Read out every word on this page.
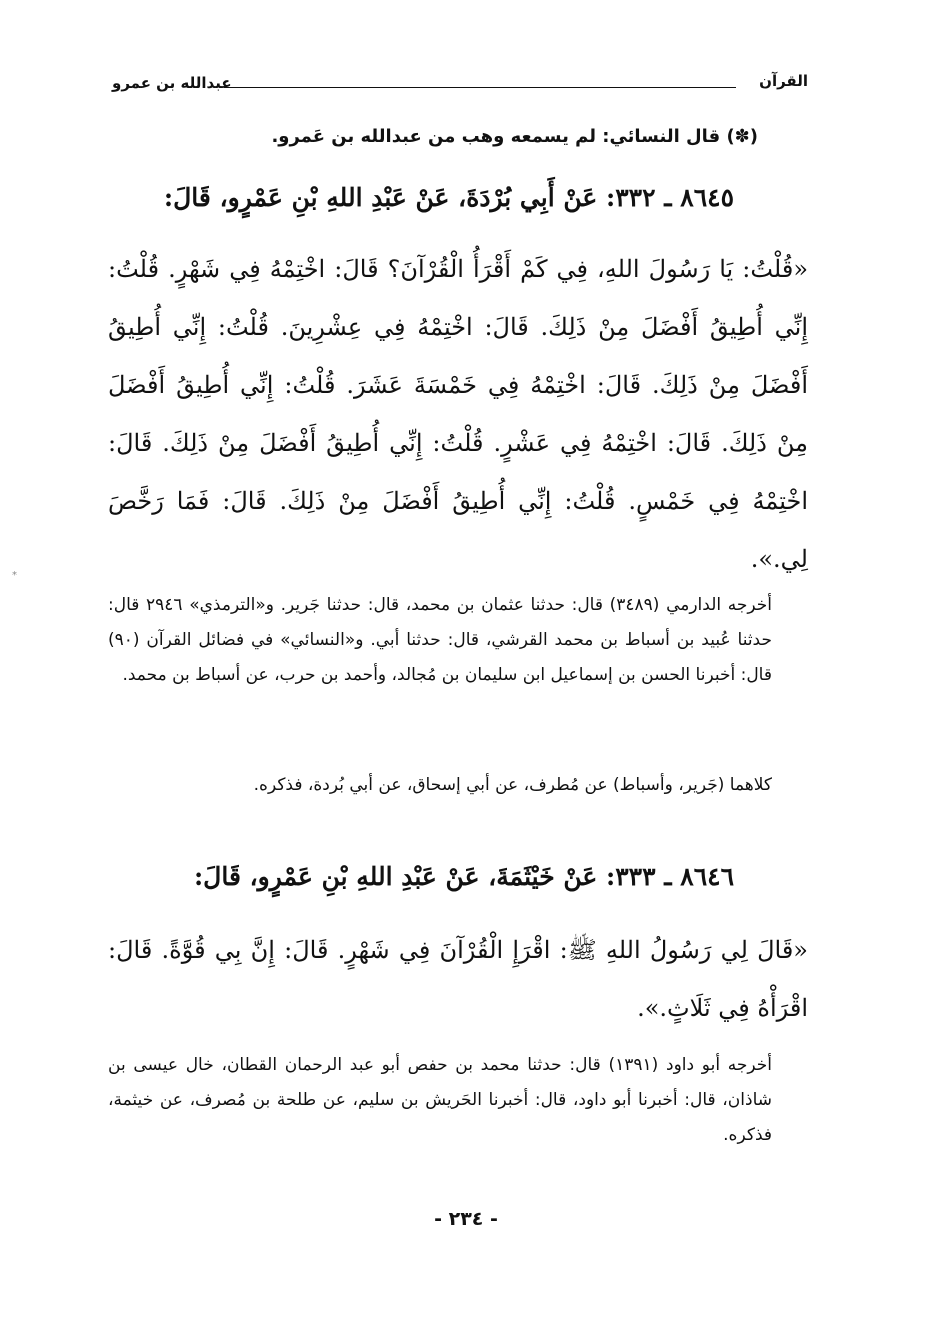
القرآن
عبدالله بن عمرو

(✽) قال النسائي: لم يسمعه وهب من عبدالله بن عَمرو.

٨٦٤٥ ـ ٣٣٢: عَنْ أَبِي بُرْدَةَ، عَنْ عَبْدِ اللهِ بْنِ عَمْرٍو، قَالَ:

«قُلْتُ: يَا رَسُولَ اللهِ، فِي كَمْ أَقْرَأُ الْقُرْآنَ؟ قَالَ: اخْتِمْهُ فِي شَهْرٍ. قُلْتُ: إِنِّي أُطِيقُ أَفْضَلَ مِنْ ذَلِكَ. قَالَ: اخْتِمْهُ فِي عِشْرِينَ. قُلْتُ: إِنِّي أُطِيقُ أَفْضَلَ مِنْ ذَلِكَ. قَالَ: اخْتِمْهُ فِي خَمْسَةَ عَشَرَ. قُلْتُ: إِنِّي أُطِيقُ أَفْضَلَ مِنْ ذَلِكَ. قَالَ: اخْتِمْهُ فِي عَشْرٍ. قُلْتُ: إِنِّي أُطِيقُ أَفْضَلَ مِنْ ذَلِكَ. قَالَ: اخْتِمْهُ فِي خَمْسٍ. قُلْتُ: إِنِّي أُطِيقُ أَفْضَلَ مِنْ ذَلِكَ. قَالَ: فَمَا رَخَّصَ لِي.».

أخرجه الدارمي (٣٤٨٩) قال: حدثنا عثمان بن محمد، قال: حدثنا جَرير. و«الترمذي» ٢٩٤٦ قال: حدثنا عُبيد بن أسباط بن محمد القرشي، قال: حدثنا أبي. و«النسائي» في فضائل القرآن (٩٠) قال: أخبرنا الحسن بن إسماعيل ابن سليمان بن مُجالد، وأحمد بن حرب، عن أسباط بن محمد.

كلاهما (جَرير، وأسباط) عن مُطرف، عن أبي إسحاق، عن أبي بُردة، فذكره.

٨٦٤٦ ـ ٣٣٣: عَنْ خَيْثَمَةَ، عَنْ عَبْدِ اللهِ بْنِ عَمْرٍو، قَالَ:

«قَالَ لِي رَسُولُ اللهِ ﷺ: اقْرَإِ الْقُرْآنَ فِي شَهْرٍ. قَالَ: إِنَّ بِي قُوَّةً. قَالَ: اقْرَأْهُ فِي ثَلَاثٍ.».

أخرجه أبو داود (١٣٩١) قال: حدثنا محمد بن حفص أبو عبد الرحمان القطان، خال عيسى بن شاذان، قال: أخبرنا أبو داود، قال: أخبرنا الحَريش بن سليم، عن طلحة بن مُصرف، عن خيثمة، فذكره.

- ٢٣٤ -
*
